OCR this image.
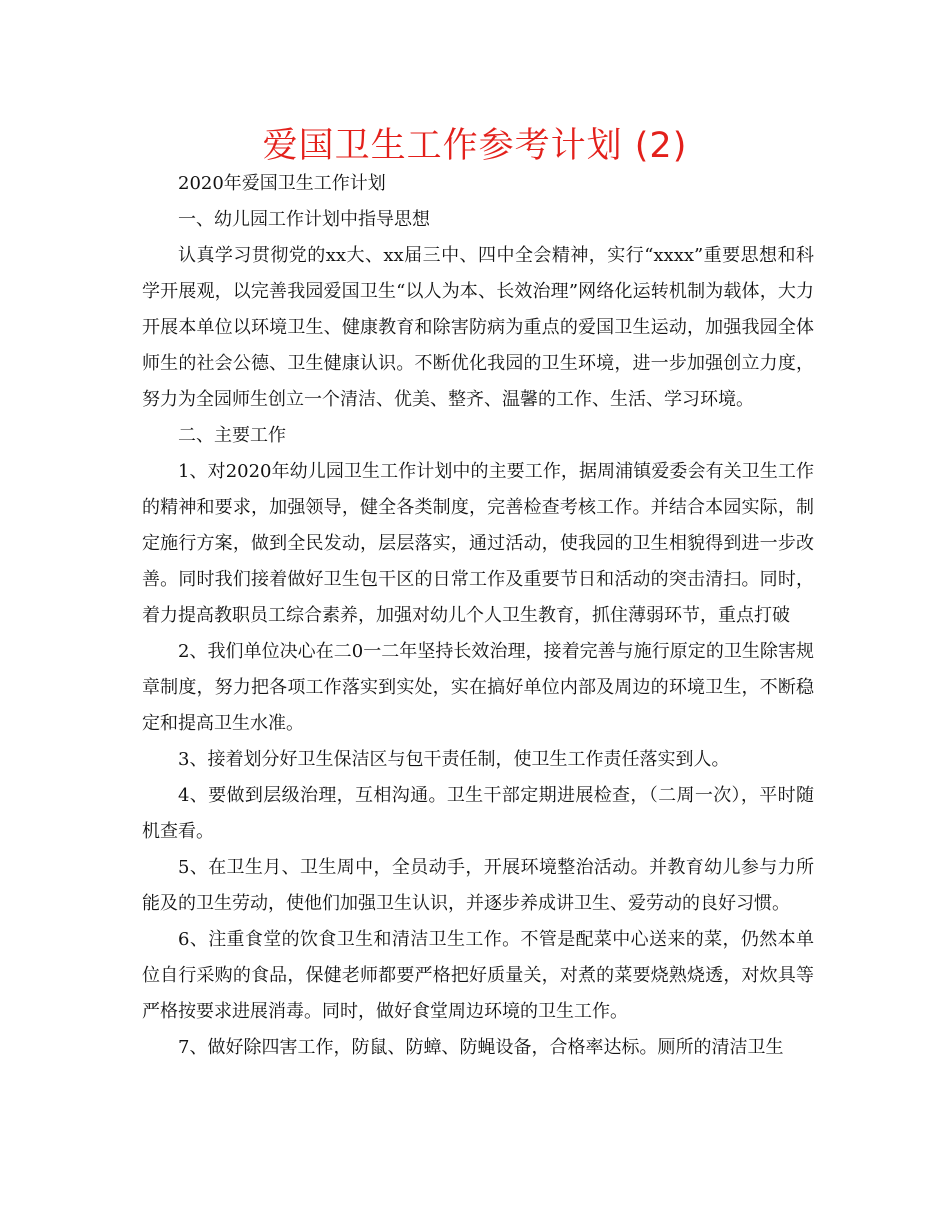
爱国卫生工作参考计划 (2)

2020年爱国卫生工作计划

一、幼儿园工作计划中指导思想

认真学习贯彻党的xx大、xx届三中、四中全会精神，实行“xxxx”重要思想和科学开展观，以完善我园爱国卫生“以人为本、长效治理”网络化运转机制为载体，大力开展本单位以环境卫生、健康教育和除害防病为重点的爱国卫生运动，加强我园全体师生的社会公德、卫生健康认识。不断优化我园的卫生环境，进一步加强创立力度，努力为全园师生创立一个清洁、优美、整齐、温馨的工作、生活、学习环境。

二、主要工作

1、对2020年幼儿园卫生工作计划中的主要工作，据周浦镇爱委会有关卫生工作的精神和要求，加强领导，健全各类制度，完善检查考核工作。并结合本园实际，制定施行方案，做到全民发动，层层落实，通过活动，使我园的卫生相貌得到进一步改善。同时我们接着做好卫生包干区的日常工作及重要节日和活动的突击清扫。同时，着力提高教职员工综合素养，加强对幼儿个人卫生教育，抓住薄弱环节，重点打破

2、我们单位决心在二0一二年坚持长效治理，接着完善与施行原定的卫生除害规章制度，努力把各项工作落实到实处，实在搞好单位内部及周边的环境卫生，不断稳定和提高卫生水准。

3、接着划分好卫生保洁区与包干责任制，使卫生工作责任落实到人。

4、要做到层级治理，互相沟通。卫生干部定期进展检查，（二周一次），平时随机查看。

5、在卫生月、卫生周中，全员动手，开展环境整治活动。并教育幼儿参与力所能及的卫生劳动，使他们加强卫生认识，并逐步养成讲卫生、爱劳动的良好习惯。

6、注重食堂的饮食卫生和清洁卫生工作。不管是配菜中心送来的菜，仍然本单位自行采购的食品，保健老师都要严格把好质量关，对煮的菜要烧熟烧透，对炊具等严格按要求进展消毒。同时，做好食堂周边环境的卫生工作。

7、做好除四害工作，防鼠、防蟑、防蝇设备，合格率达标。厕所的清洁卫生
